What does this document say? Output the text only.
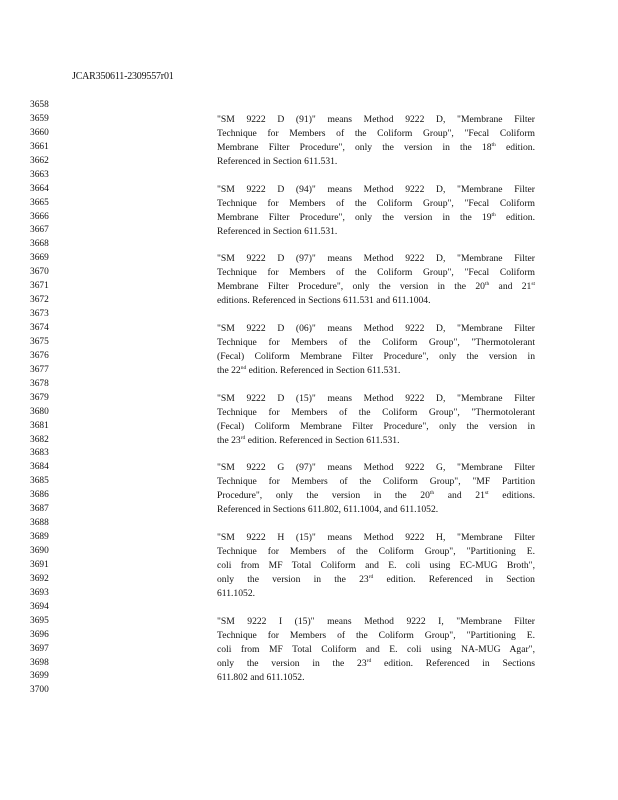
JCAR350611-2309557r01
3658
3659
3660
3661
3662
3663
3664
3665
3666
3667
3668
3669
3670
3671
3672
3673
3674
3675
3676
3677
3678
3679
3680
3681
3682
3683
3684
3685
3686
3687
3688
3689
3690
3691
3692
3693
3694
3695
3696
3697
3698
3699
3700
"SM 9222 D (91)" means Method 9222 D, "Membrane Filter
Technique for Members of the Coliform Group", "Fecal Coliform
Membrane Filter Procedure", only the version in the 18th edition.
Referenced in Section 611.531.
"SM 9222 D (94)" means Method 9222 D, "Membrane Filter
Technique for Members of the Coliform Group", "Fecal Coliform
Membrane Filter Procedure", only the version in the 19th edition.
Referenced in Section 611.531.
"SM 9222 D (97)" means Method 9222 D, "Membrane Filter
Technique for Members of the Coliform Group", "Fecal Coliform
Membrane Filter Procedure", only the version in the 20th and 21st
editions. Referenced in Sections 611.531 and 611.1004.
"SM 9222 D (06)" means Method 9222 D, "Membrane Filter
Technique for Members of the Coliform Group", "Thermotolerant
(Fecal) Coliform Membrane Filter Procedure", only the version in
the 22nd edition. Referenced in Section 611.531.
"SM 9222 D (15)" means Method 9222 D, "Membrane Filter
Technique for Members of the Coliform Group", "Thermotolerant
(Fecal) Coliform Membrane Filter Procedure", only the version in
the 23rd edition. Referenced in Section 611.531.
"SM 9222 G (97)" means Method 9222 G, "Membrane Filter
Technique for Members of the Coliform Group", "MF Partition
Procedure", only the version in the 20th and 21st editions.
Referenced in Sections 611.802, 611.1004, and 611.1052.
"SM 9222 H (15)" means Method 9222 H, "Membrane Filter
Technique for Members of the Coliform Group", "Partitioning E.
coli from MF Total Coliform and E. coli using EC-MUG Broth",
only the version in the 23rd edition. Referenced in Section
611.1052.
"SM 9222 I (15)" means Method 9222 I, "Membrane Filter
Technique for Members of the Coliform Group", "Partitioning E.
coli from MF Total Coliform and E. coli using NA-MUG Agar",
only the version in the 23rd edition. Referenced in Sections
611.802 and 611.1052.
